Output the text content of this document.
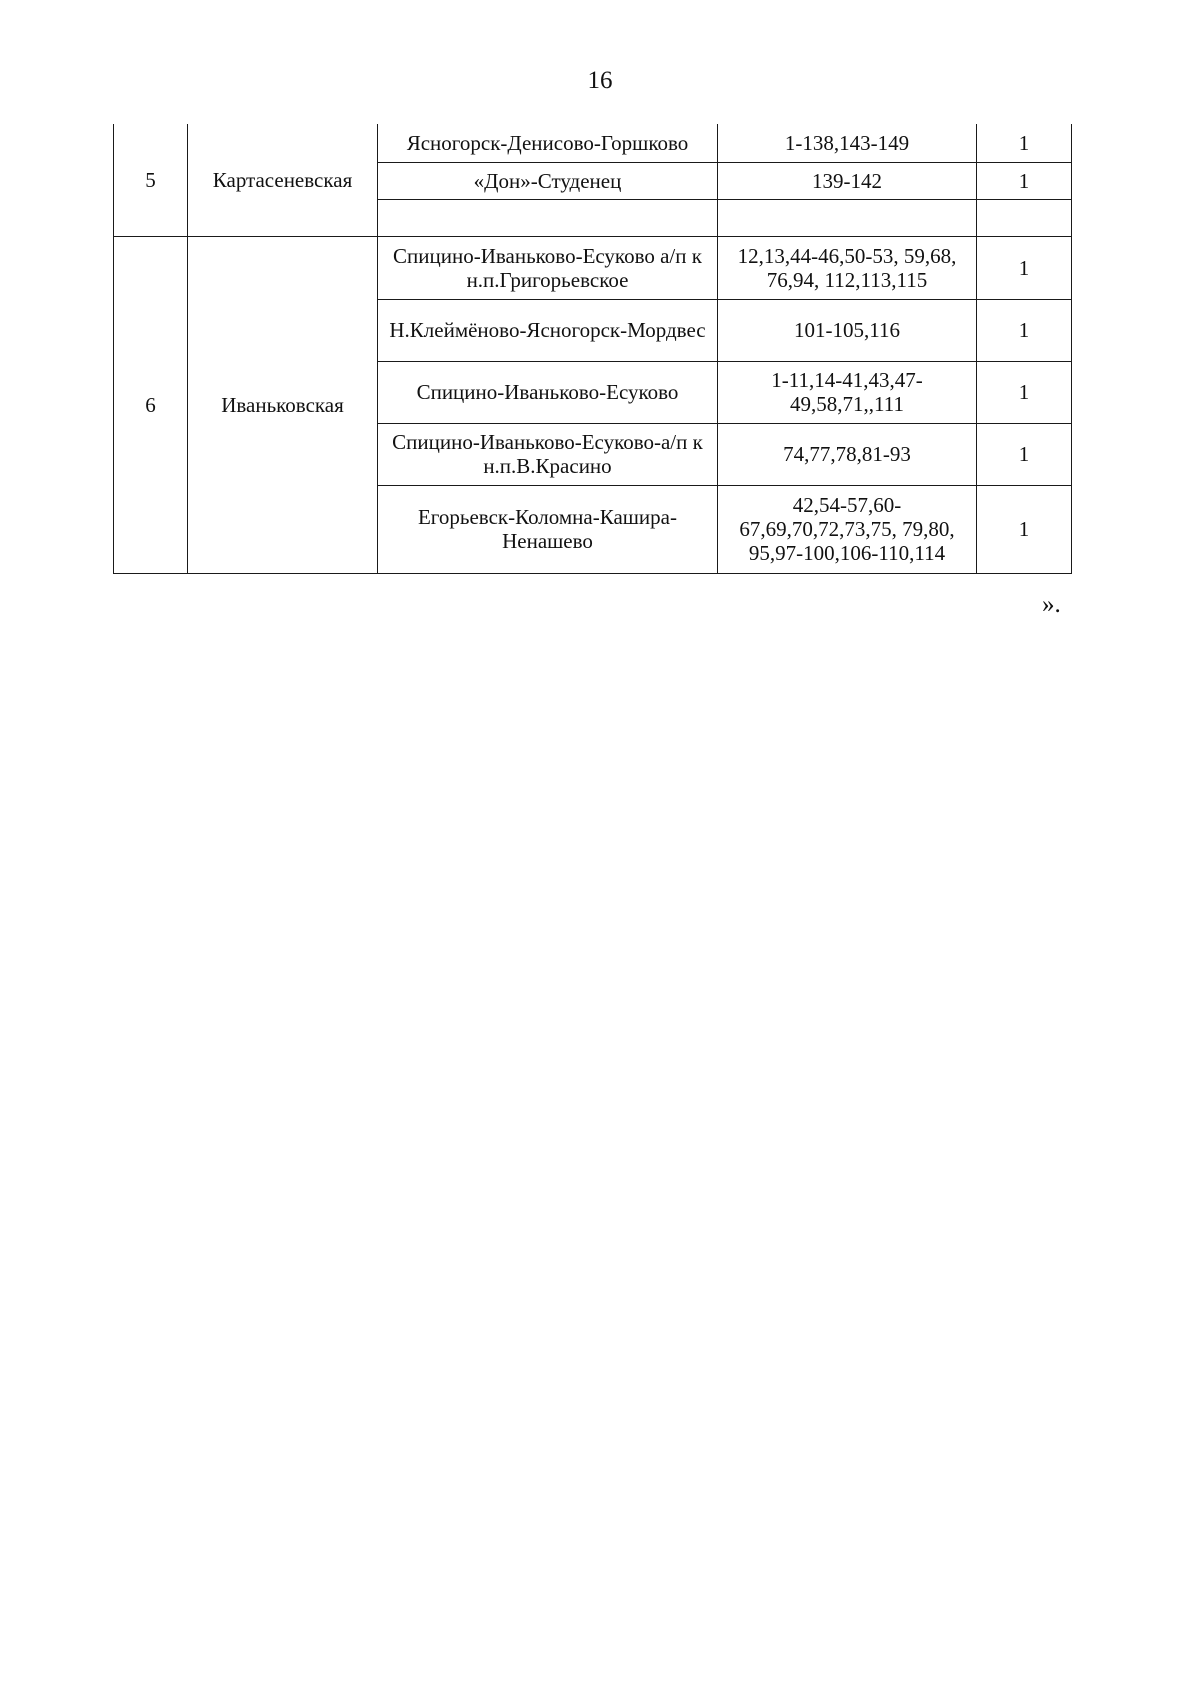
16
5	Картасеневская	Ясногорск-Денисово-Горшково	1-138,143-149	1
		«Дон»-Студенец	139-142	1

6	Иваньковская	Спицино-Иваньково-Есуково а/п к н.п.Григорьевское	12,13,44-46,50-53, 59,68, 76,94, 112,113,115	1
		Н.Клеймёново-Ясногорск-Мордвес	101-105,116	1
		Спицино-Иваньково-Есуково	1-11,14-41,43,47-49,58,71,,111	1
		Спицино-Иваньково-Есуково-а/п к н.п.В.Красино	74,77,78,81-93	1
		Егорьевск-Коломна-Кашира-Ненашево	42,54-57,60-67,69,70,72,73,75, 79,80, 95,97-100,106-110,114	1
».
